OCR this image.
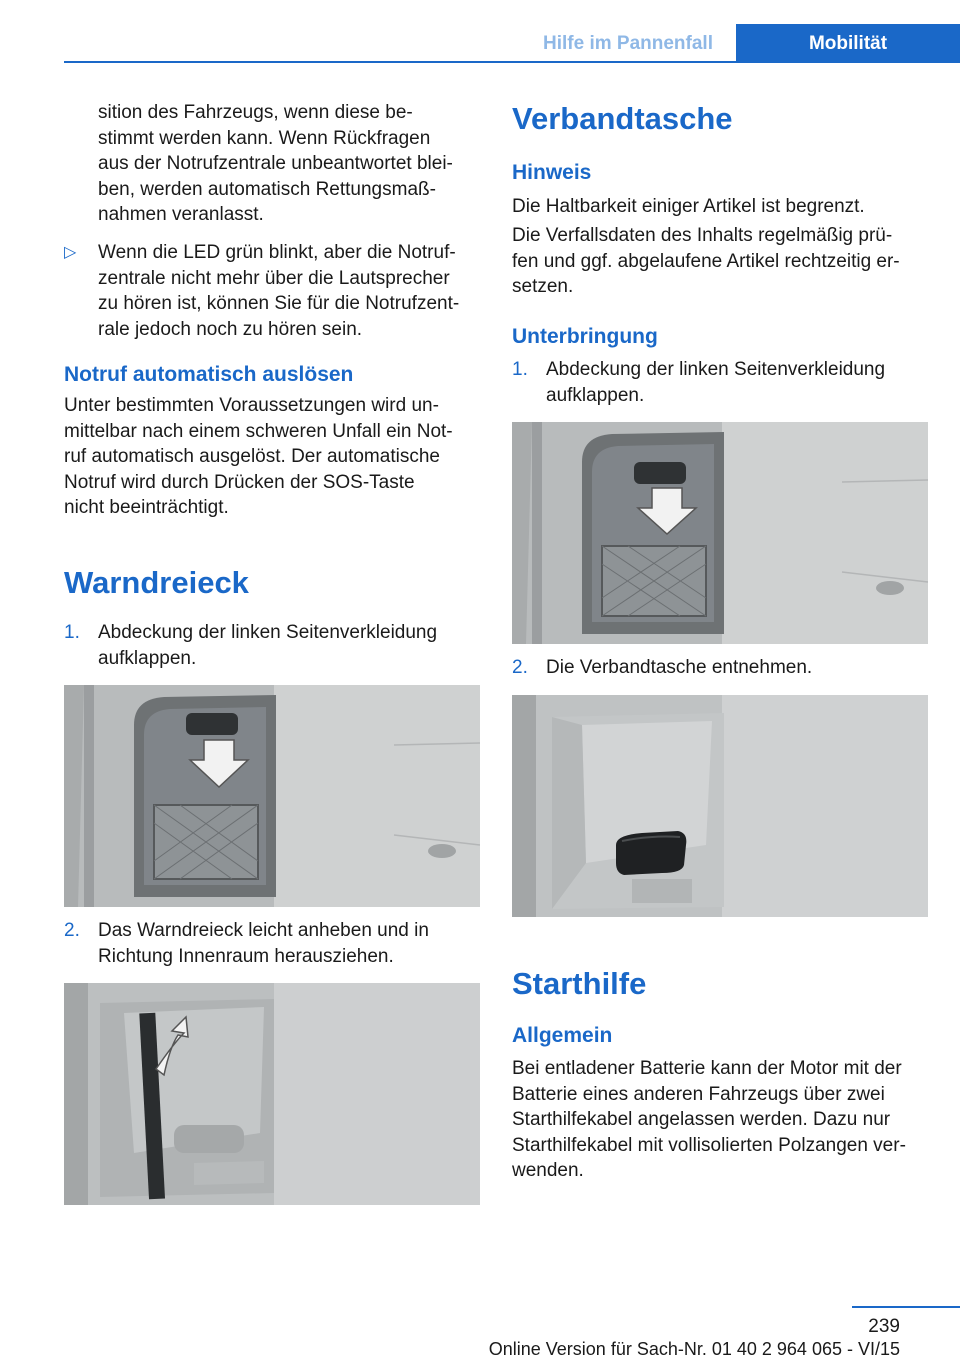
Hilfe im Pannenfall	Mobilität
sition des Fahrzeugs, wenn diese be-
stimmt werden kann. Wenn Rückfragen
aus der Notrufzentrale unbeantwortet blei-
ben, werden automatisch Rettungsmaß-
nahmen veranlasst.
▷ Wenn die LED grün blinkt, aber die Notruf-
zentrale nicht mehr über die Lautsprecher
zu hören ist, können Sie für die Notrufzent-
rale jedoch noch zu hören sein.
Notruf automatisch auslösen
Unter bestimmten Voraussetzungen wird un-
mittelbar nach einem schweren Unfall ein Not-
ruf automatisch ausgelöst. Der automatische
Notruf wird durch Drücken der SOS-Taste
nicht beeinträchtigt.
Warndreieck
1. Abdeckung der linken Seitenverkleidung
aufklappen.
2. Das Warndreieck leicht anheben und in
Richtung Innenraum herausziehen.
Verbandtasche
Hinweis
Die Haltbarkeit einiger Artikel ist begrenzt.
Die Verfallsdaten des Inhalts regelmäßig prü-
fen und ggf. abgelaufene Artikel rechtzeitig er-
setzen.
Unterbringung
1. Abdeckung der linken Seitenverkleidung
aufklappen.
2. Die Verbandtasche entnehmen.
Starthilfe
Allgemein
Bei entladener Batterie kann der Motor mit der
Batterie eines anderen Fahrzeugs über zwei
Starthilfekabel angelassen werden. Dazu nur
Starthilfekabel mit vollisolierten Polzangen ver-
wenden.
239
Online Version für Sach-Nr. 01 40 2 964 065 - VI/15
